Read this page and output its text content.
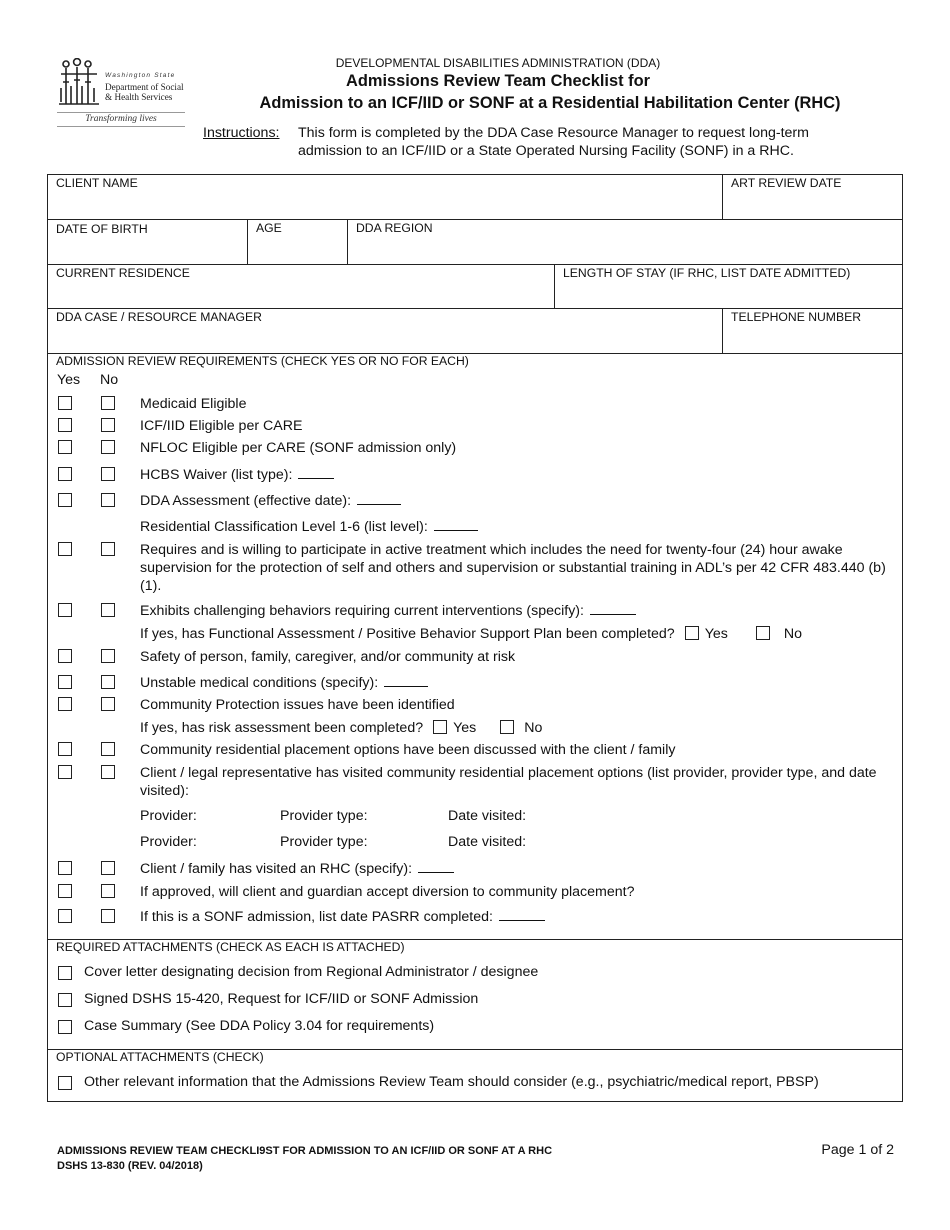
Washington State
Department of Social
& Health Services
Transforming lives
DEVELOPMENTAL DISABILITIES ADMINISTRATION (DDA)
Admissions Review Team Checklist for
Admission to an ICF/IID or SONF at a Residential Habilitation Center (RHC)
Instructions: This form is completed by the DDA Case Resource Manager to request long-term
admission to an ICF/IID or a State Operated Nursing Facility (SONF) in a RHC.
CLIENT NAME	ART REVIEW DATE
DATE OF BIRTH	AGE	DDA REGION
CURRENT RESIDENCE	LENGTH OF STAY (IF RHC, LIST DATE ADMITTED)
DDA CASE / RESOURCE MANAGER	TELEPHONE NUMBER
ADMISSION REVIEW REQUIREMENTS (CHECK YES OR NO FOR EACH)
Yes No
Medicaid Eligible
ICF/IID Eligible per CARE
NFLOC Eligible per CARE (SONF admission only)
HCBS Waiver (list type):
DDA Assessment (effective date):
Residential Classification Level 1-6 (list level):
Requires and is willing to participate in active treatment which includes the need for twenty-four (24) hour awake supervision for the protection of self and others and supervision or substantial training in ADL’s per 42 CFR 483.440 (b)(1).
Exhibits challenging behaviors requiring current interventions (specify):
If yes, has Functional Assessment / Positive Behavior Support Plan been completed? Yes	No
Safety of person, family, caregiver, and/or community at risk
Unstable medical conditions (specify):
Community Protection issues have been identified
If yes, has risk assessment been completed? Yes	No
Community residential placement options have been discussed with the client / family
Client / legal representative has visited community residential placement options (list provider, provider type, and date visited):
Provider:	Provider type:	Date visited:
Provider:	Provider type:	Date visited:
Client / family has visited an RHC (specify):
If approved, will client and guardian accept diversion to community placement?
If this is a SONF admission, list date PASRR completed:
REQUIRED ATTACHMENTS (CHECK AS EACH IS ATTACHED)
Cover letter designating decision from Regional Administrator / designee
Signed DSHS 15-420, Request for ICF/IID or SONF Admission
Case Summary (See DDA Policy 3.04 for requirements)
OPTIONAL ATTACHMENTS (CHECK)
Other relevant information that the Admissions Review Team should consider (e.g., psychiatric/medical report, PBSP)
ADMISSIONS REVIEW TEAM CHECKLI9ST FOR ADMISSION TO AN ICF/IID OR SONF AT A RHC
DSHS 13-830 (REV. 04/2018)
Page 1 of 2
